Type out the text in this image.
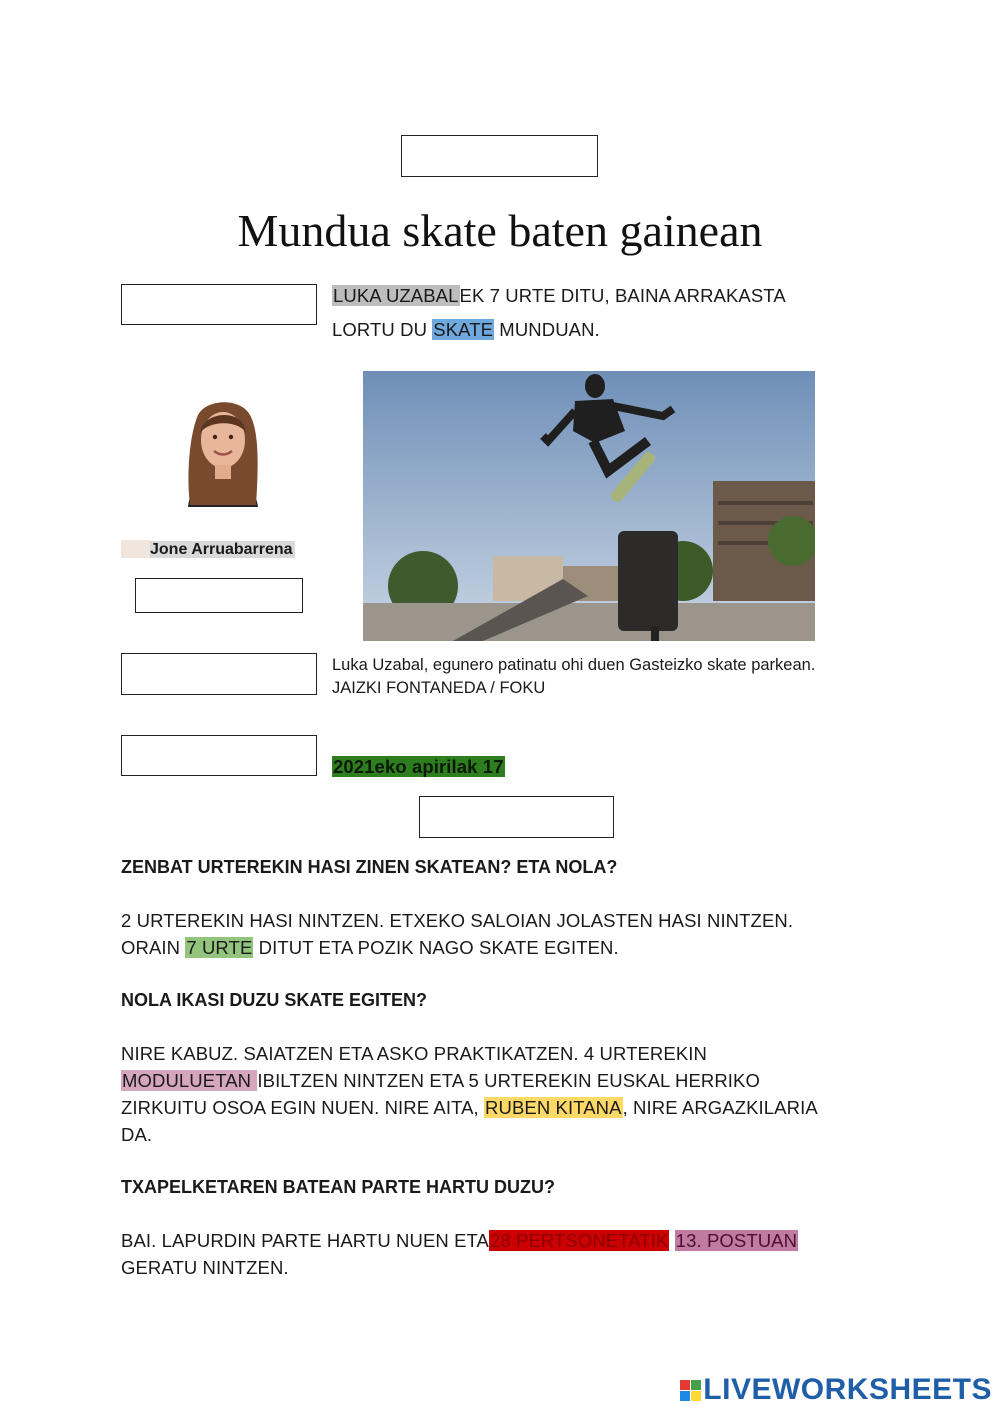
Mundua skate baten gainean
LUKA UZABALEK 7 URTE DITU, BAINA ARRAKASTA
LORTU DU SKATE MUNDUAN.
Jone Arruabarrena
Luka Uzabal, egunero patinatu ohi duen Gasteizko skate parkean.
JAIZKI FONTANEDA / FOKU
2021eko apirilak 17
ZENBAT URTEREKIN HASI ZINEN SKATEAN? ETA NOLA?
2 URTEREKIN HASI NINTZEN. ETXEKO SALOIAN JOLASTEN HASI NINTZEN.
ORAIN 7 URTE DITUT ETA POZIK NAGO SKATE EGITEN.
NOLA IKASI DUZU SKATE EGITEN?
NIRE KABUZ. SAIATZEN ETA ASKO PRAKTIKATZEN. 4 URTEREKIN
MODULUETAN IBILTZEN NINTZEN ETA 5 URTEREKIN EUSKAL HERRIKO
ZIRKUITU OSOA EGIN NUEN. NIRE AITA, RUBEN KITANA, NIRE ARGAZKILARIA
DA.
TXAPELKETAREN BATEAN PARTE HARTU DUZU?
BAI. LAPURDIN PARTE HARTU NUEN ETA28 PERTSONETATIK 13. POSTUAN
GERATU NINTZEN.
LIVEWORKSHEETS
